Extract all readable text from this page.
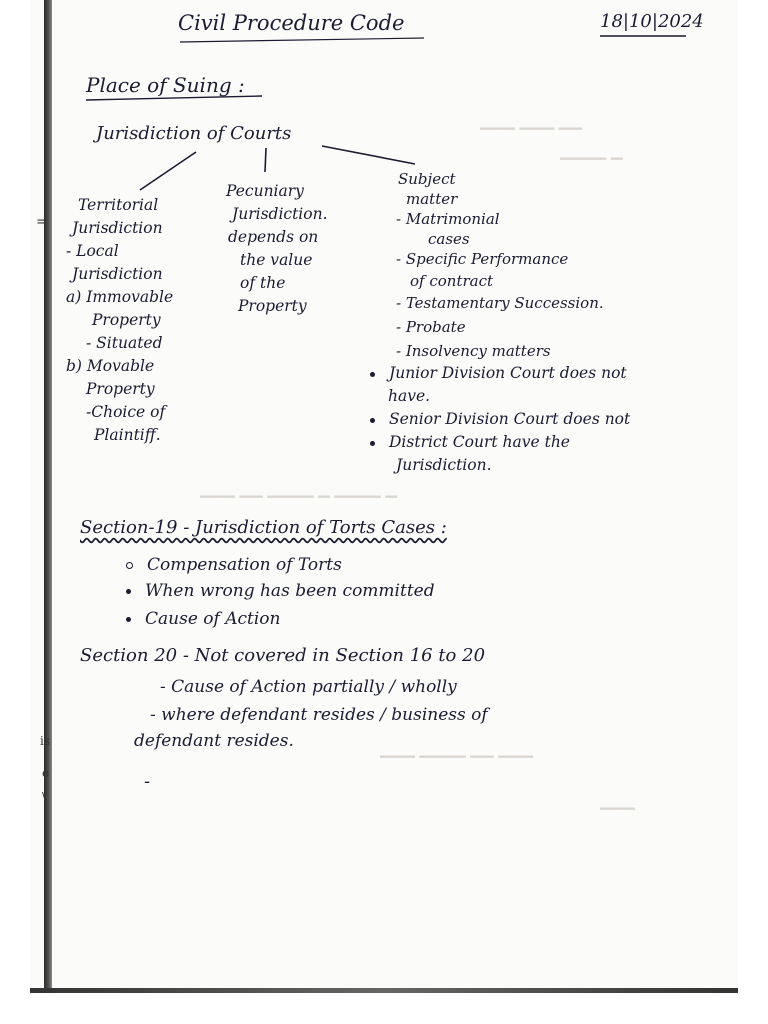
▁▁▁ ▁▁▁ ▁▁
▁▁▁▁ ▁
▁▁▁ ▁▁ ▁▁▁▁ ▁ ▁▁▁▁ ▁
▁▁▁ ▁▁▁▁ ▁▁ ▁▁▁
▁▁▁
Civil Procedure Code	18|10|2024
Place of Suing :
Jurisdiction of Courts
Territorial
Jurisdiction
- Local
Jurisdiction
a) Immovable
Property
- Situated
b) Movable
Property
-Choice of
Plaintiff.
Pecuniary
Jurisdiction.
depends on
the value
of the
Property
Subject
matter
- Matrimonial
cases
- Specific Performance
of contract
- Testamentary Succession.
- Probate
- Insolvency matters
Junior Division Court does not
have.
Senior Division Court does not
District Court have the
Jurisdiction.
Section-19 - Jurisdiction of Torts Cases :
Compensation of Torts
When wrong has been committed
Cause of Action
Section 20 - Not covered in Section 16 to 20
- Cause of Action partially / wholly
- where defendant resides / business of
defendant resides.
-
=
is
e
\
